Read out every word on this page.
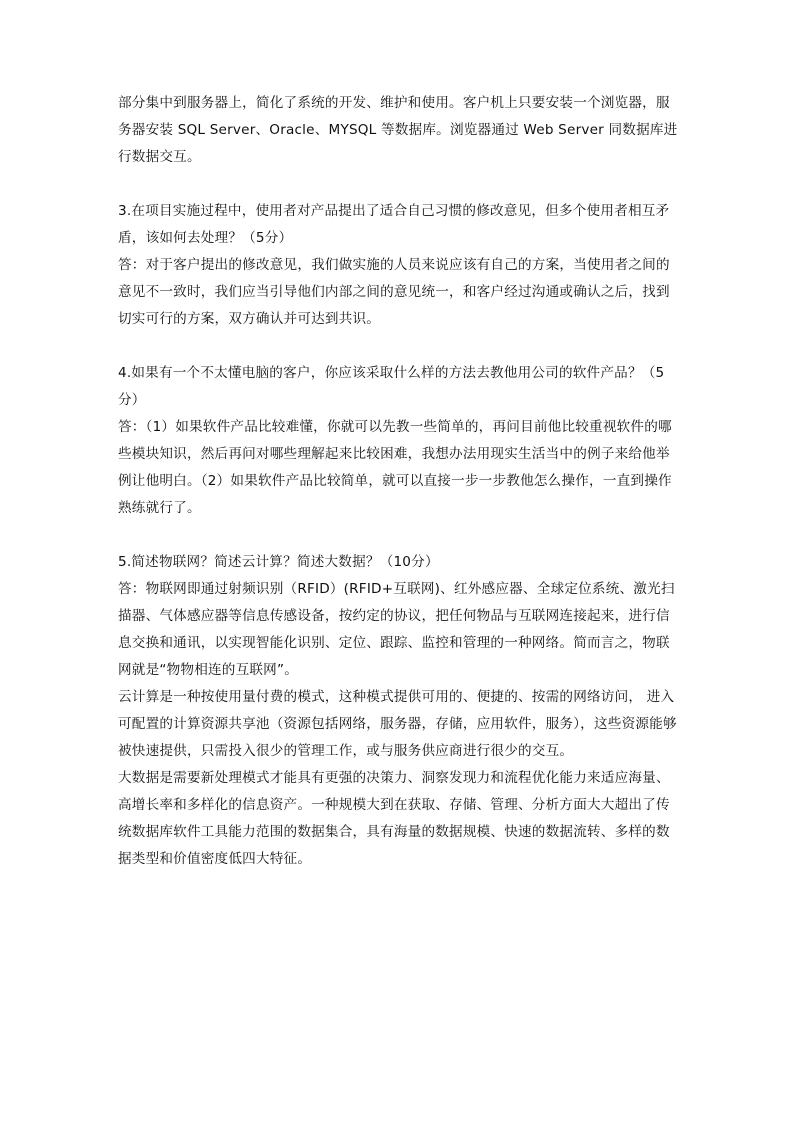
部分集中到服务器上，简化了系统的开发、维护和使用。客户机上只要安装一个浏览器，服务器安装 SQL Server、Oracle、MYSQL 等数据库。浏览器通过 Web Server 同数据库进行数据交互。

3.在项目实施过程中，使用者对产品提出了适合自己习惯的修改意见，但多个使用者相互矛盾，该如何去处理？（5分）

答：对于客户提出的修改意见，我们做实施的人员来说应该有自己的方案，当使用者之间的意见不一致时，我们应当引导他们内部之间的意见统一，和客户经过沟通或确认之后，找到切实可行的方案，双方确认并可达到共识。

4.如果有一个不太懂电脑的客户，你应该采取什么样的方法去教他用公司的软件产品？（5分）

答：（1）如果软件产品比较难懂，你就可以先教一些简单的，再问目前他比较重视软件的哪些模块知识，然后再问对哪些理解起来比较困难，我想办法用现实生活当中的例子来给他举例让他明白。（2）如果软件产品比较简单，就可以直接一步一步教他怎么操作，一直到操作熟练就行了。

5.简述物联网？简述云计算？简述大数据？（10分）

答：物联网即通过射频识别（RFID）(RFID+互联网)、红外感应器、全球定位系统、激光扫描器、气体感应器等信息传感设备，按约定的协议，把任何物品与互联网连接起来，进行信息交换和通讯，以实现智能化识别、定位、跟踪、监控和管理的一种网络。简而言之，物联网就是“物物相连的互联网”。

云计算是一种按使用量付费的模式，这种模式提供可用的、便捷的、按需的网络访问， 进入可配置的计算资源共享池（资源包括网络，服务器，存储，应用软件，服务），这些资源能够被快速提供，只需投入很少的管理工作，或与服务供应商进行很少的交互。

大数据是需要新处理模式才能具有更强的决策力、洞察发现力和流程优化能力来适应海量、高增长率和多样化的信息资产。一种规模大到在获取、存储、管理、分析方面大大超出了传统数据库软件工具能力范围的数据集合，具有海量的数据规模、快速的数据流转、多样的数据类型和价值密度低四大特征。
